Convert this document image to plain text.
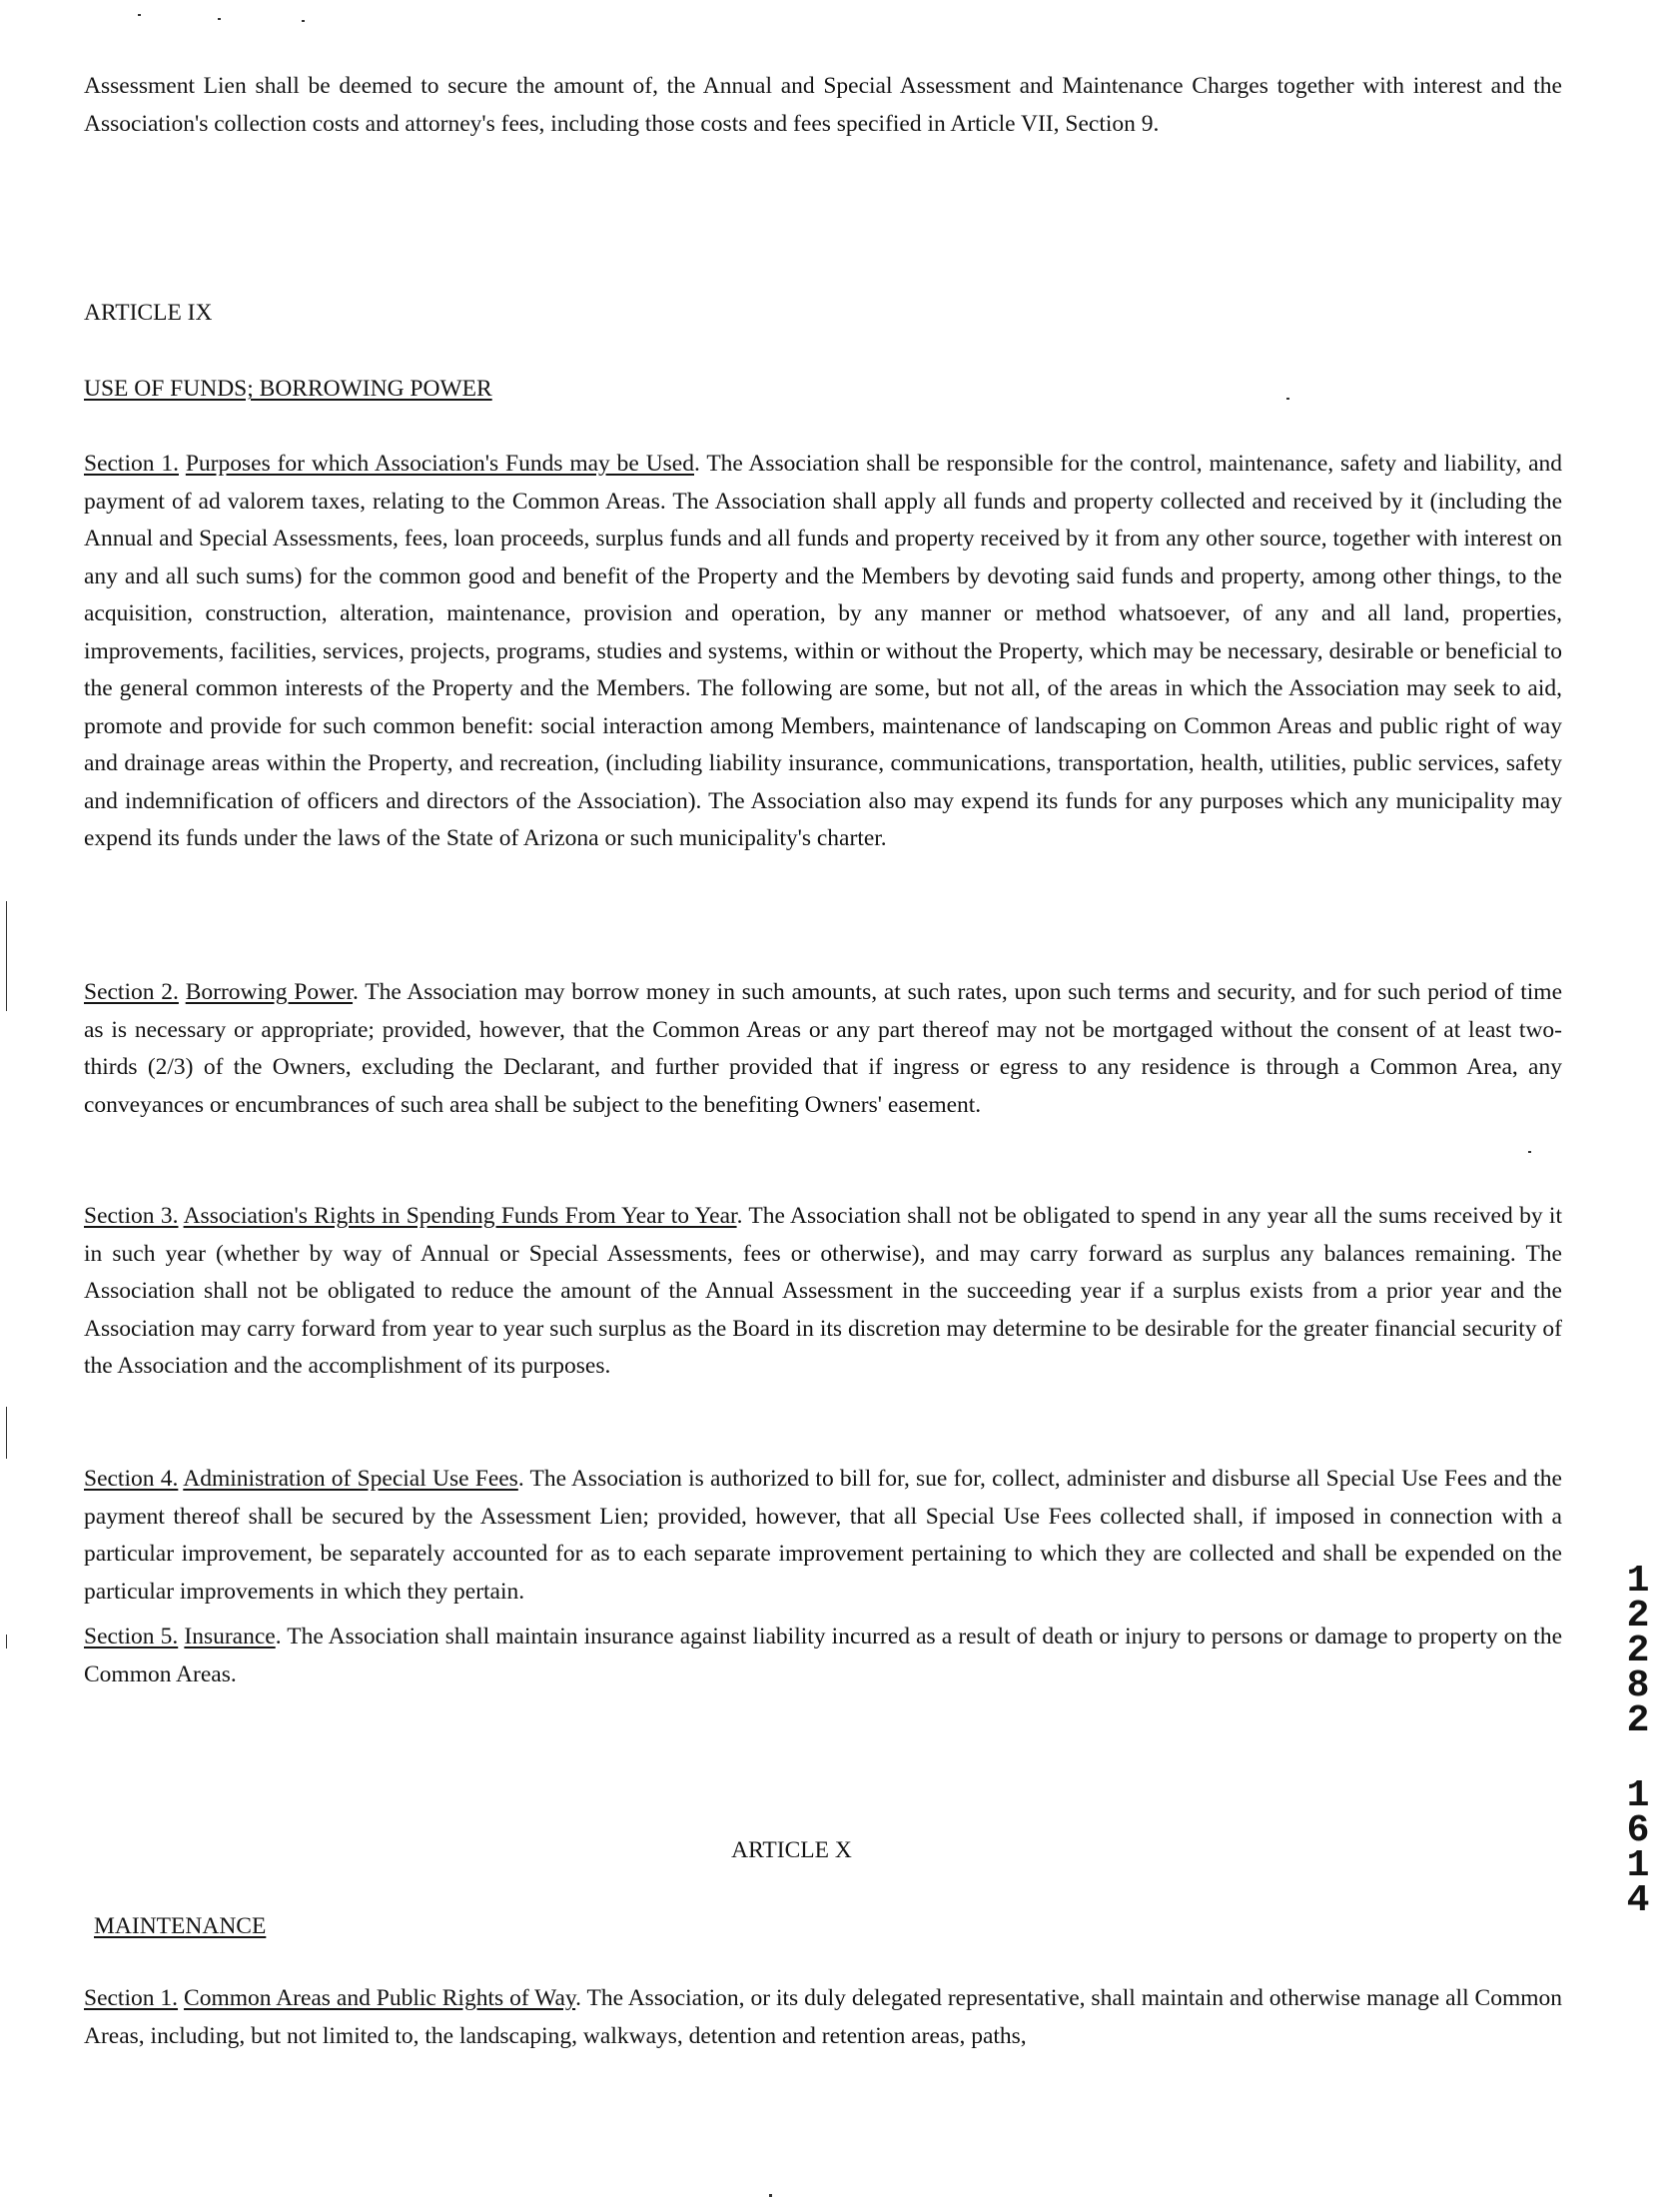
Assessment Lien shall be deemed to secure the amount of, the Annual and Special Assessment and Maintenance Charges together with interest and the Association's collection costs and attorney's fees, including those costs and fees specified in Article VII, Section 9.

ARTICLE IX

USE OF FUNDS; BORROWING POWER

Section 1. Purposes for which Association's Funds may be Used. The Association shall be responsible for the control, maintenance, safety and liability, and payment of ad valorem taxes, relating to the Common Areas. The Association shall apply all funds and property collected and received by it (including the Annual and Special Assessments, fees, loan proceeds, surplus funds and all funds and property received by it from any other source, together with interest on any and all such sums) for the common good and benefit of the Property and the Members by devoting said funds and property, among other things, to the acquisition, construction, alteration, maintenance, provision and operation, by any manner or method whatsoever, of any and all land, properties, improvements, facilities, services, projects, programs, studies and systems, within or without the Property, which may be necessary, desirable or beneficial to the general common interests of the Property and the Members. The following are some, but not all, of the areas in which the Association may seek to aid, promote and provide for such common benefit: social interaction among Members, maintenance of landscaping on Common Areas and public right of way and drainage areas within the Property, and recreation, (including liability insurance, communications, transportation, health, utilities, public services, safety and indemnification of officers and directors of the Association). The Association also may expend its funds for any purposes which any municipality may expend its funds under the laws of the State of Arizona or such municipality's charter.

Section 2. Borrowing Power. The Association may borrow money in such amounts, at such rates, upon such terms and security, and for such period of time as is necessary or appropriate; provided, however, that the Common Areas or any part thereof may not be mortgaged without the consent of at least two-thirds (2/3) of the Owners, excluding the Declarant, and further provided that if ingress or egress to any residence is through a Common Area, any conveyances or encumbrances of such area shall be subject to the benefiting Owners' easement.

Section 3. Association's Rights in Spending Funds From Year to Year. The Association shall not be obligated to spend in any year all the sums received by it in such year (whether by way of Annual or Special Assessments, fees or otherwise), and may carry forward as surplus any balances remaining. The Association shall not be obligated to reduce the amount of the Annual Assessment in the succeeding year if a surplus exists from a prior year and the Association may carry forward from year to year such surplus as the Board in its discretion may determine to be desirable for the greater financial security of the Association and the accomplishment of its purposes.

Section 4. Administration of Special Use Fees. The Association is authorized to bill for, sue for, collect, administer and disburse all Special Use Fees and the payment thereof shall be secured by the Assessment Lien; provided, however, that all Special Use Fees collected shall, if imposed in connection with a particular improvement, be separately accounted for as to each separate improvement pertaining to which they are collected and shall be expended on the particular improvements in which they pertain.

Section 5. Insurance. The Association shall maintain insurance against liability incurred as a result of death or injury to persons or damage to property on the Common Areas.

ARTICLE X

MAINTENANCE

Section 1. Common Areas and Public Rights of Way. The Association, or its duly delegated representative, shall maintain and otherwise manage all Common Areas, including, but not limited to, the landscaping, walkways, detention and retention areas, paths,

1
2
2
8
2
1
6
1
4
